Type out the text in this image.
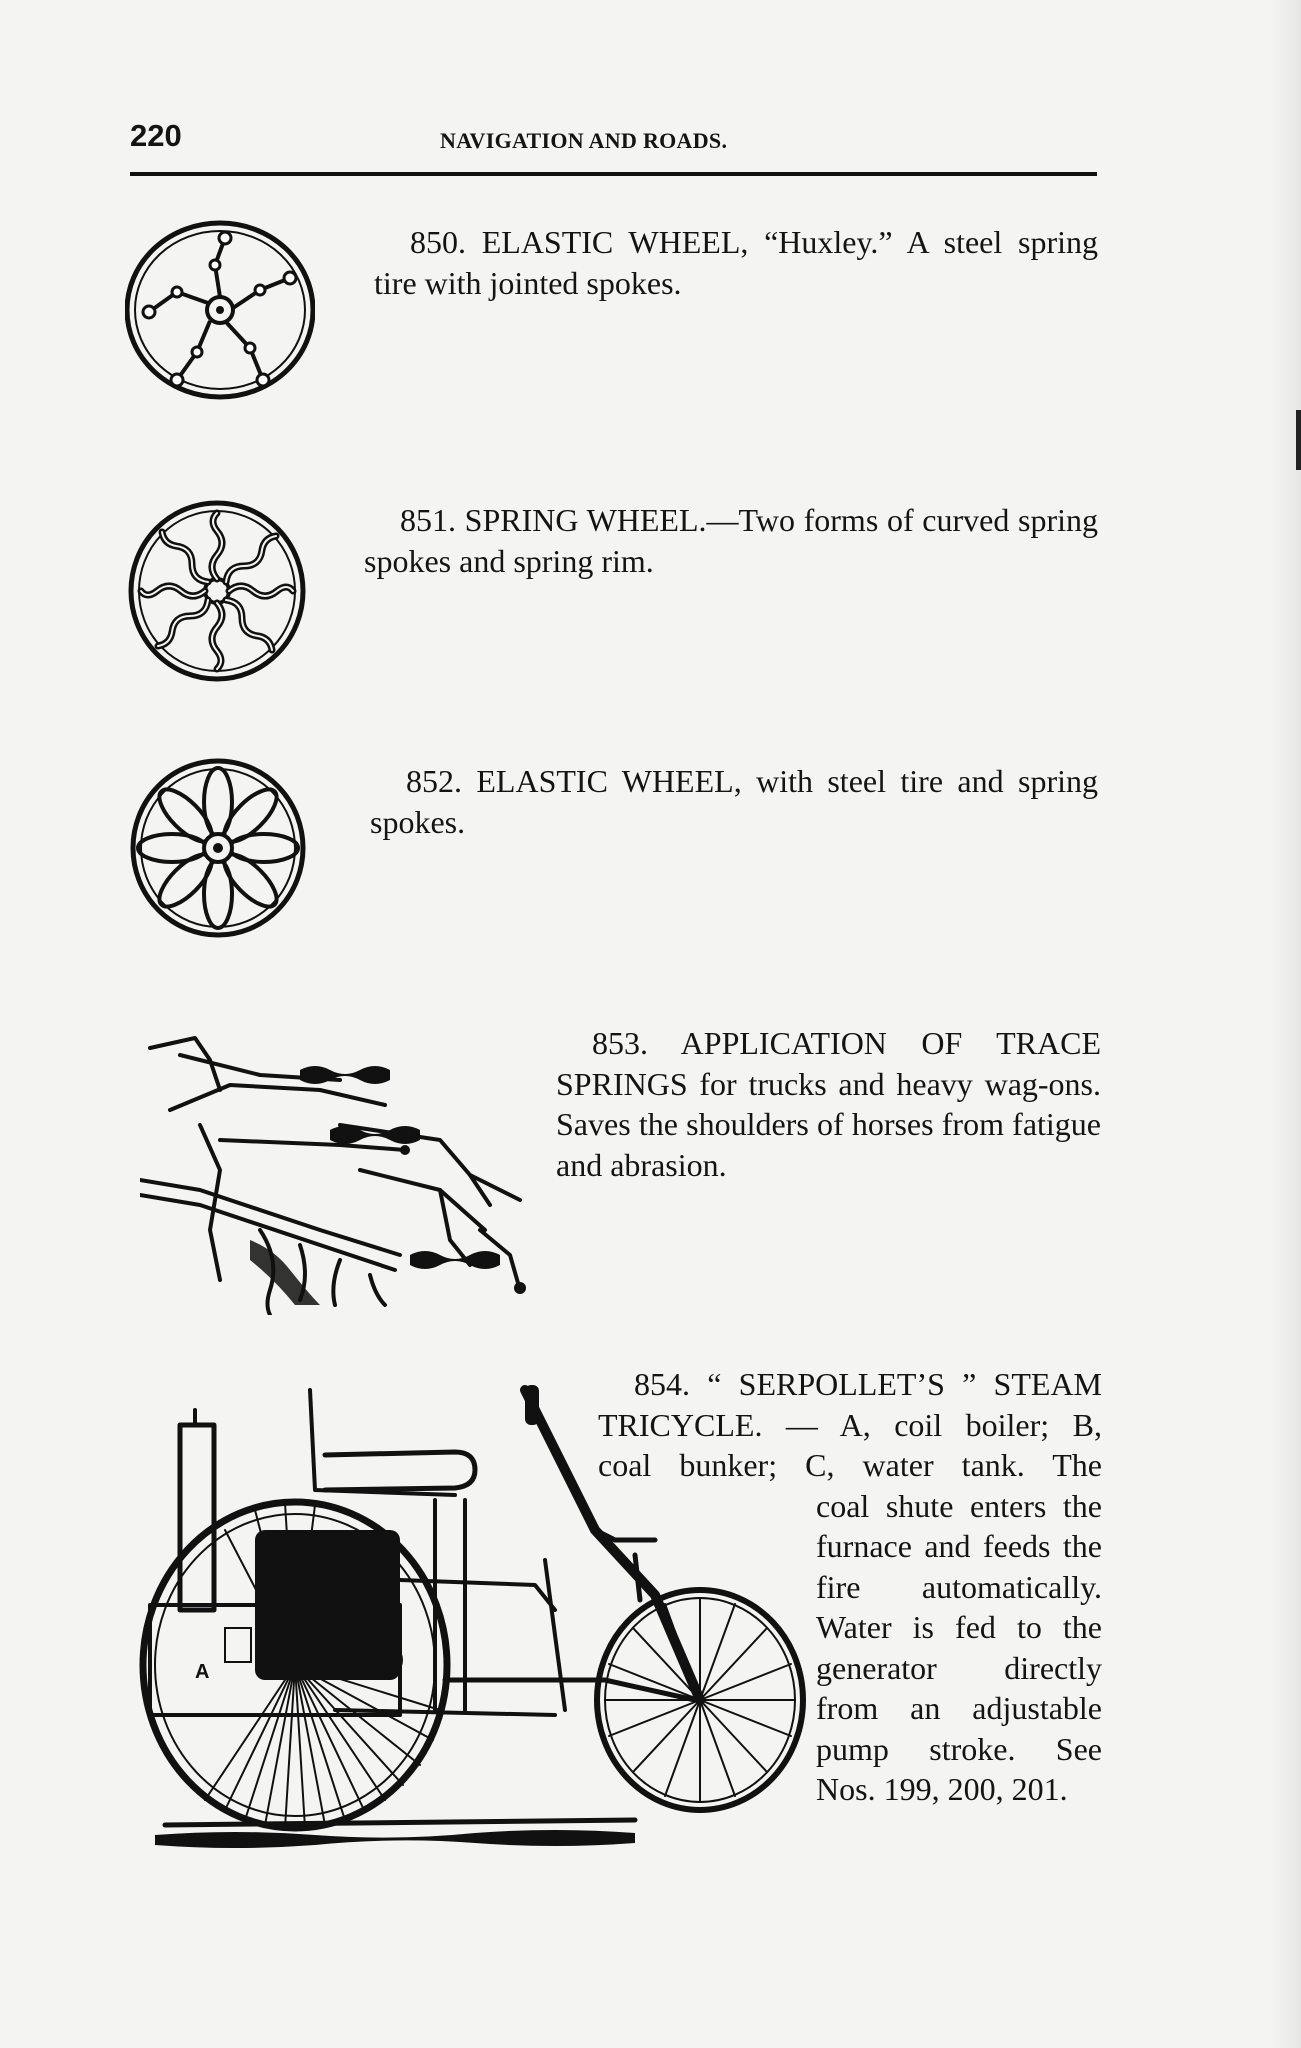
220	NAVIGATION AND ROADS.
850. ELASTIC WHEEL, “Huxley.” A steel spring tire with jointed spokes.
851. SPRING WHEEL.—Two forms of curved spring spokes and spring rim.
852. ELASTIC WHEEL, with steel tire and spring spokes.
853. APPLICATION OF TRACE SPRINGS for trucks and heavy wag-ons. Saves the shoulders of horses from fatigue and abrasion.
A
854. “ SERPOLLET’S ” STEAM
TRICYCLE. — A, coil boiler; B,
coal bunker; C, water tank. The
coal shute enters the
furnace and feeds the
fire automatically.
Water is fed to the
generator directly
from an adjustable
pump stroke. See
Nos. 199, 200, 201.
